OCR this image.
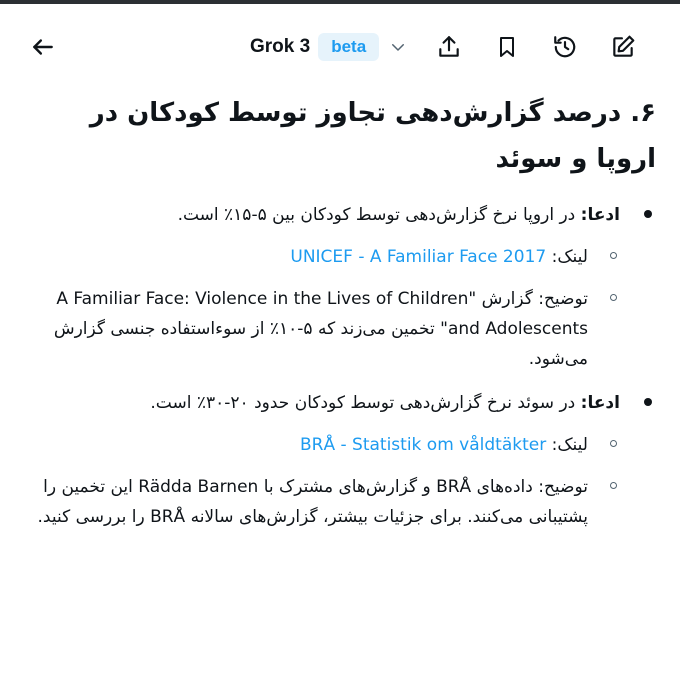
Grok 3	beta
۶. درصد گزارش‌دهی تجاوز توسط کودکان در اروپا و سوئد
ادعا: در اروپا نرخ گزارش‌دهی توسط کودکان بین ۵-۱۵٪ است.
لینک: UNICEF - A Familiar Face 2017
توضیح: گزارش "A Familiar Face: Violence in the Lives of Children and Adolescents" تخمین می‌زند که ۵-۱۰٪ از سوءاستفاده جنسی گزارش می‌شود.
ادعا: در سوئد نرخ گزارش‌دهی توسط کودکان حدود ۲۰-۳۰٪ است.
لینک: BRÅ - Statistik om våldtäkter
توضیح: داده‌های BRÅ و گزارش‌های مشترک با Rädda Barnen این تخمین را پشتیبانی می‌کنند. برای جزئیات بیشتر، گزارش‌های سالانه BRÅ را بررسی کنید.
